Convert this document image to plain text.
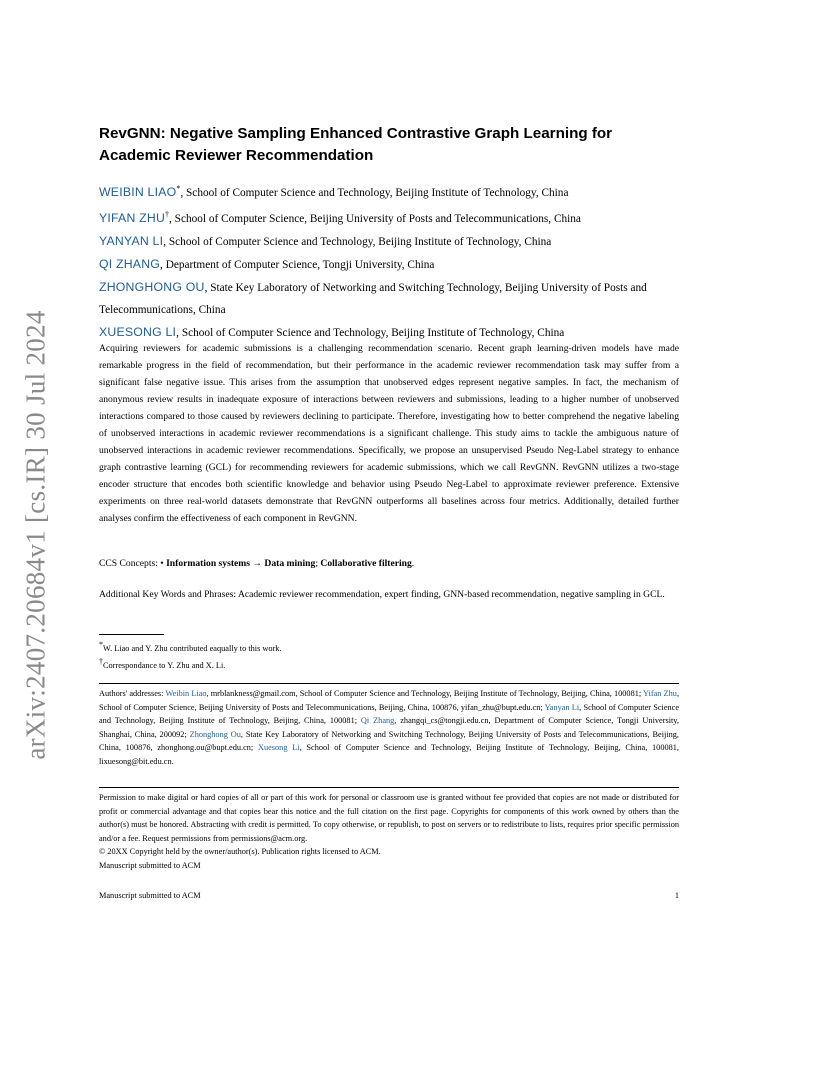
arXiv:2407.20684v1 [cs.IR] 30 Jul 2024
RevGNN: Negative Sampling Enhanced Contrastive Graph Learning for
Academic Reviewer Recommendation
WEIBIN LIAO*, School of Computer Science and Technology, Beijing Institute of Technology, China
YIFAN ZHU†, School of Computer Science, Beijing University of Posts and Telecommunications, China
YANYAN LI, School of Computer Science and Technology, Beijing Institute of Technology, China
QI ZHANG, Department of Computer Science, Tongji University, China
ZHONGHONG OU, State Key Laboratory of Networking and Switching Technology, Beijing University of Posts and Telecommunications, China
XUESONG LI, School of Computer Science and Technology, Beijing Institute of Technology, China

Acquiring reviewers for academic submissions is a challenging recommendation scenario. Recent graph learning-driven models have made remarkable progress in the field of recommendation, but their performance in the academic reviewer recommendation task may suffer from a significant false negative issue. This arises from the assumption that unobserved edges represent negative samples. In fact, the mechanism of anonymous review results in inadequate exposure of interactions between reviewers and submissions, leading to a higher number of unobserved interactions compared to those caused by reviewers declining to participate. Therefore, investigating how to better comprehend the negative labeling of unobserved interactions in academic reviewer recommendations is a significant challenge. This study aims to tackle the ambiguous nature of unobserved interactions in academic reviewer recommendations. Specifically, we propose an unsupervised Pseudo Neg-Label strategy to enhance graph contrastive learning (GCL) for recommending reviewers for academic submissions, which we call RevGNN. RevGNN utilizes a two-stage encoder structure that encodes both scientific knowledge and behavior using Pseudo Neg-Label to approximate reviewer preference. Extensive experiments on three real-world datasets demonstrate that RevGNN outperforms all baselines across four metrics. Additionally, detailed further analyses confirm the effectiveness of each component in RevGNN.

CCS Concepts: • Information systems → Data mining; Collaborative filtering.
Additional Key Words and Phrases: Academic reviewer recommendation, expert finding, GNN-based recommendation, negative sampling in GCL.
*W. Liao and Y. Zhu contributed eaqually to this work.
†Correspondance to Y. Zhu and X. Li.
Authors' addresses: Weibin Liao, mrblankness@gmail.com, School of Computer Science and Technology, Beijing Institute of Technology, Beijing, China, 100081; Yifan Zhu, School of Computer Science, Beijing University of Posts and Telecommunications, Beijing, China, 100876, yifan_zhu@bupt.edu.cn; Yanyan Li, School of Computer Science and Technology, Beijing Institute of Technology, Beijing, China, 100081; Qi Zhang, zhangqi_cs@tongji.edu.cn, Department of Computer Science, Tongji University, Shanghai, China, 200092; Zhonghong Ou, State Key Laboratory of Networking and Switching Technology, Beijing University of Posts and Telecommunications, Beijing, China, 100876, zhonghong.ou@bupt.edu.cn; Xuesong Li, School of Computer Science and Technology, Beijing Institute of Technology, Beijing, China, 100081, lixuesong@bit.edu.cn.
Permission to make digital or hard copies of all or part of this work for personal or classroom use is granted without fee provided that copies are not made or distributed for profit or commercial advantage and that copies bear this notice and the full citation on the first page. Copyrights for components of this work owned by others than the author(s) must be honored. Abstracting with credit is permitted. To copy otherwise, or republish, to post on servers or to redistribute to lists, requires prior specific permission and/or a fee. Request permissions from permissions@acm.org.
© 20XX Copyright held by the owner/author(s). Publication rights licensed to ACM.
Manuscript submitted to ACM
Manuscript submitted to ACM	1
